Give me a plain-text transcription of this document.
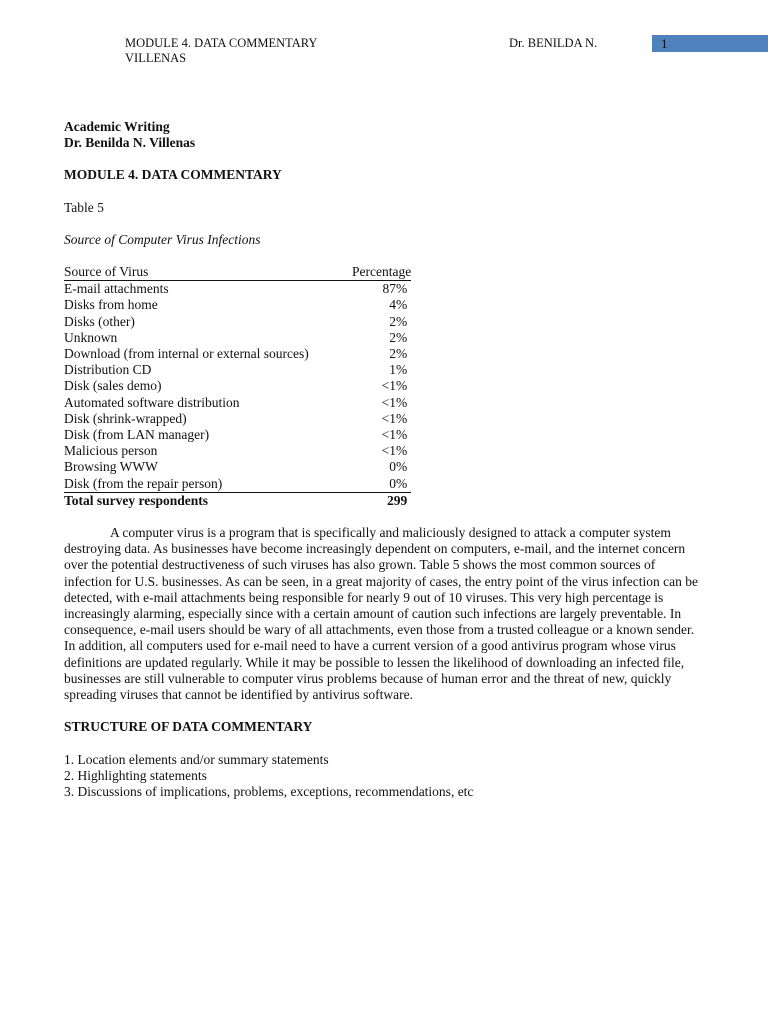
MODULE 4. DATA COMMENTARY
VILLENAS
Dr. BENILDA N.	1
Academic Writing
Dr. Benilda N. Villenas
MODULE 4. DATA COMMENTARY
Table 5
Source of Computer Virus Infections
Source of Virus	Percentage
E-mail attachments	87%
Disks from home	4%
Disks (other)	2%
Unknown	2%
Download (from internal or external sources)	2%
Distribution CD	1%
Disk (sales demo)	<1%
Automated software distribution	<1%
Disk (shrink-wrapped)	<1%
Disk (from LAN manager)	<1%
Malicious person	<1%
Browsing WWW	0%
Disk (from the repair person)	0%
Total survey respondents	299
A computer virus is a program that is specifically and maliciously designed to attack a computer system destroying data. As businesses have become increasingly dependent on computers, e-mail, and the internet concern over the potential destructiveness of such viruses has also grown. Table 5 shows the most common sources of infection for U.S. businesses. As can be seen, in a great majority of cases, the entry point of the virus infection can be detected, with e-mail attachments being responsible for nearly 9 out of 10 viruses. This very high percentage is increasingly alarming, especially since with a certain amount of caution such infections are largely preventable. In consequence, e-mail users should be wary of all attachments, even those from a trusted colleague or a known sender. In addition, all computers used for e-mail need to have a current version of a good antivirus program whose virus definitions are updated regularly. While it may be possible to lessen the likelihood of downloading an infected file, businesses are still vulnerable to computer virus problems because of human error and the threat of new, quickly spreading viruses that cannot be identified by antivirus software.
STRUCTURE OF DATA COMMENTARY
1. Location elements and/or summary statements
2. Highlighting statements
3. Discussions of implications, problems, exceptions, recommendations, etc
